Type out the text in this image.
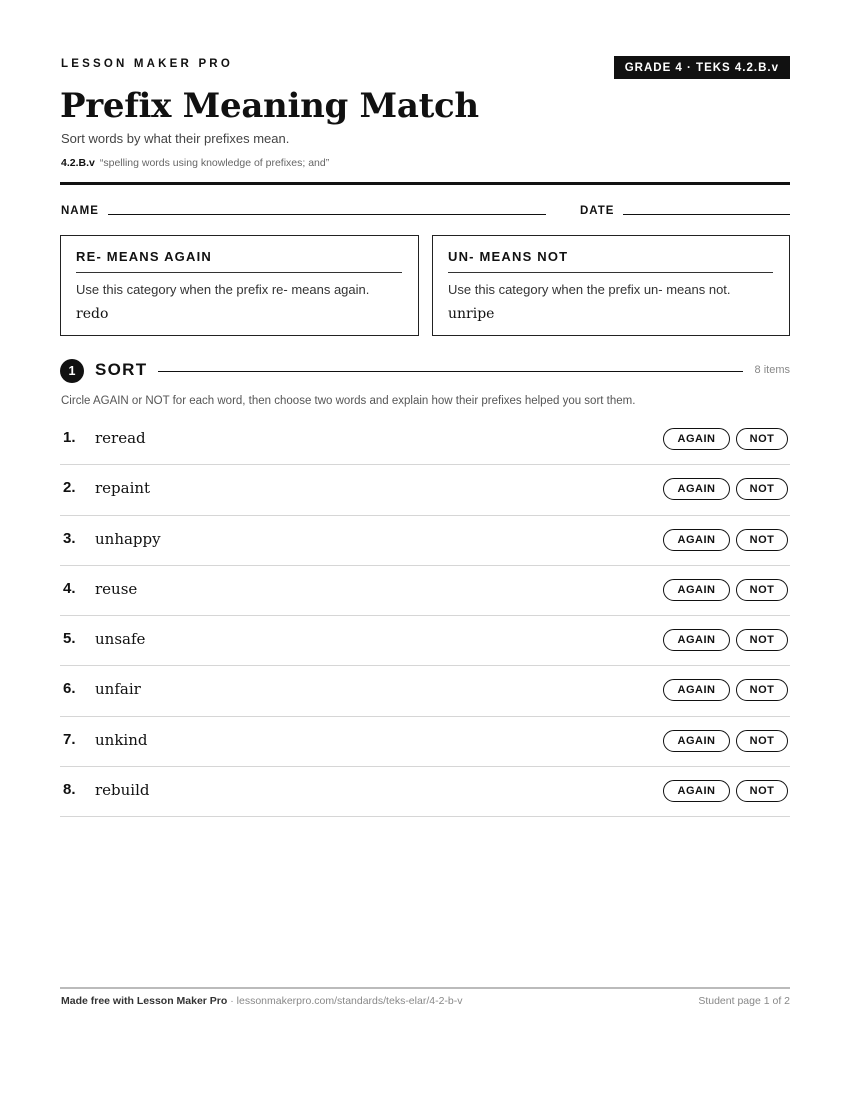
LESSON MAKER PRO	GRADE 4 · TEKS 4.2.B.v
Prefix Meaning Match
Sort words by what their prefixes mean.
4.2.B.v “spelling words using knowledge of prefixes; and”
NAME	DATE
RE- MEANS AGAIN
Use this category when the prefix re- means again.
redo
UN- MEANS NOT
Use this category when the prefix un- means not.
unripe
1	SORT	8 items
Circle AGAIN or NOT for each word, then choose two words and explain how their prefixes helped you sort them.
1. reread	AGAIN	NOT
2. repaint	AGAIN	NOT
3. unhappy	AGAIN	NOT
4. reuse	AGAIN	NOT
5. unsafe	AGAIN	NOT
6. unfair	AGAIN	NOT
7. unkind	AGAIN	NOT
8. rebuild	AGAIN	NOT
Made free with Lesson Maker Pro · lessonmakerpro.com/standards/teks-elar/4-2-b-v	Student page 1 of 2
